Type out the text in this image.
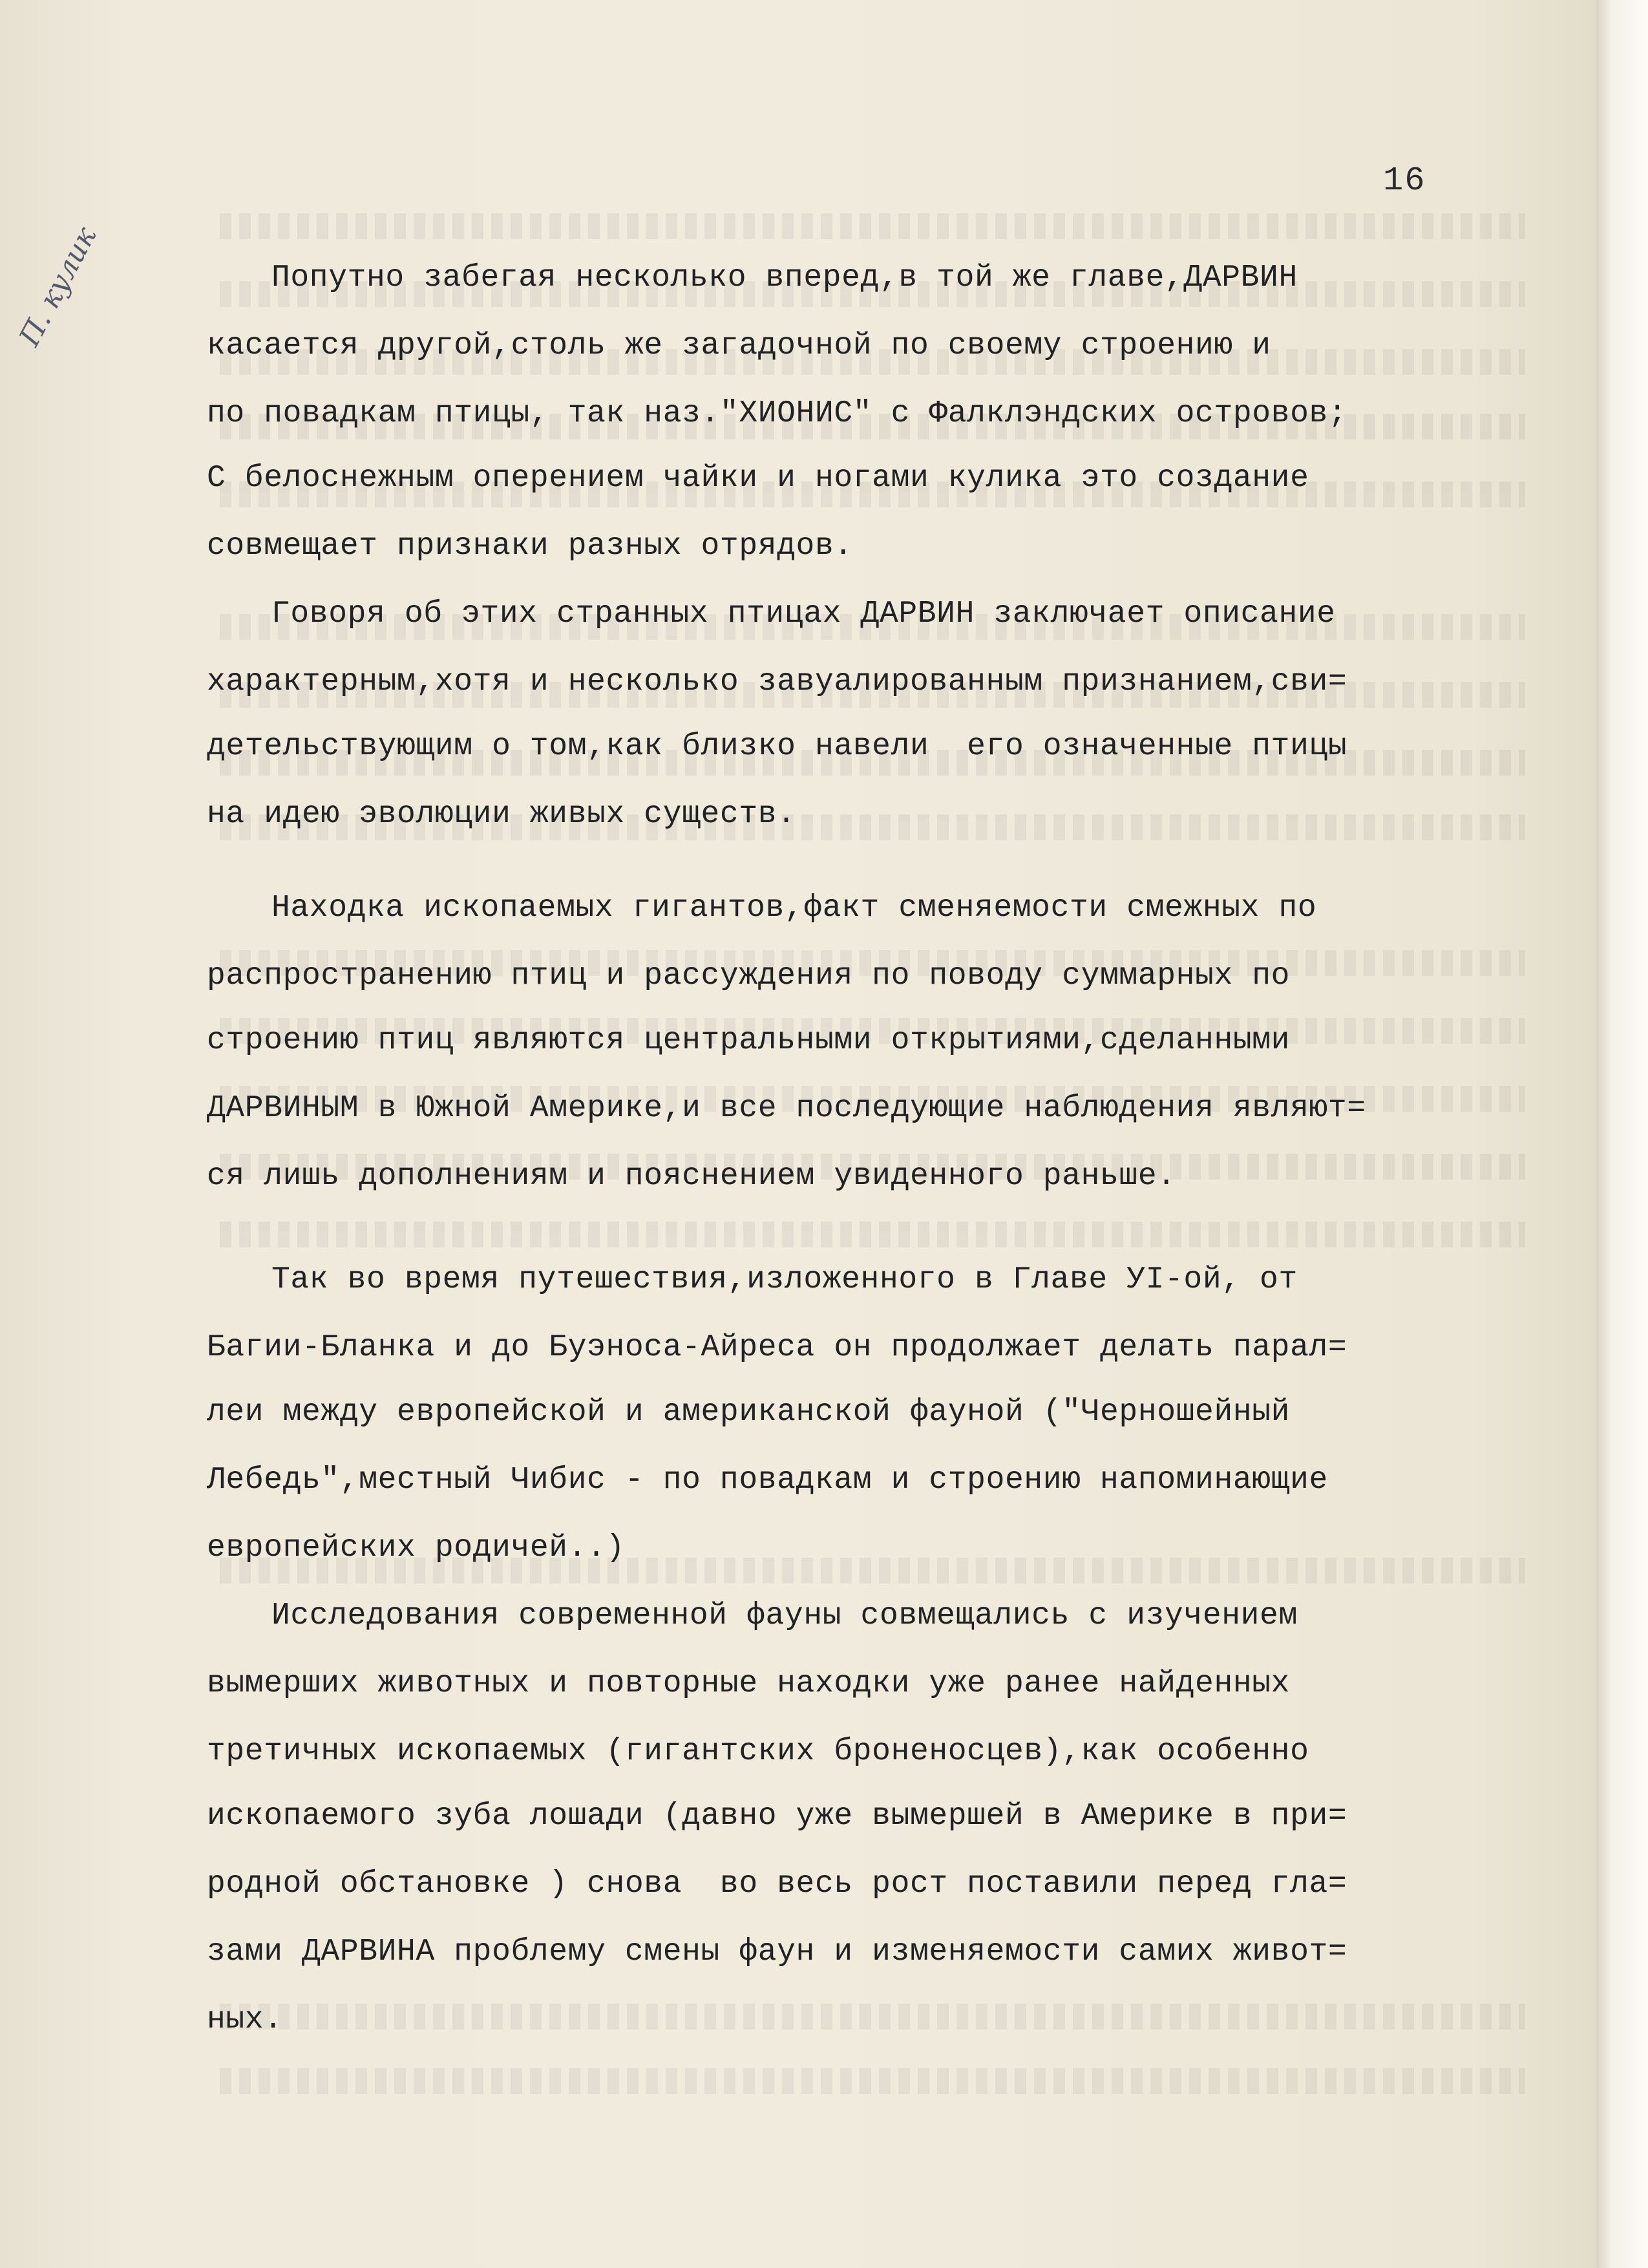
16
П. кулик	Попутно забегая несколько вперед,в той же главе,ДАРВИН
касается другой,столь же загадочной по своему строению и
по повадкам птицы, так наз."ХИОНИС" с Фалклэндских островов;
С белоснежным оперением чайки и ногами кулика это создание
совмещает признаки разных отрядов.
Говоря об этих странных птицах ДАРВИН заключает описание
характерным,хотя и несколько завуалированным признанием,сви=
детельствующим о том,как близко навели  его означенные птицы
на идею эволюции живых существ.
Находка ископаемых гигантов,факт сменяемости смежных по
распространению птиц и рассуждения по поводу суммарных по
строению птиц являются центральными открытиями,сделанными
ДАРВИНЫМ в Южной Америке,и все последующие наблюдения являют=
ся лишь дополнениям и пояснением увиденного раньше.
Так во время путешествия,изложенного в Главе УI-ой, от
Багии-Бланка и до Буэноса-Айреса он продолжает делать парал=
леи между европейской и американской фауной ("Черношейный
Лебедь",местный Чибис - по повадкам и строению напоминающие
европейских родичей..)
Исследования современной фауны совмещались с изучением
вымерших животных и повторные находки уже ранее найденных
третичных ископаемых (гигантских броненосцев),как особенно
ископаемого зуба лошади (давно уже вымершей в Америке в при=
родной обстановке ) снова  во весь рост поставили перед гла=
зами ДАРВИНА проблему смены фаун и изменяемости самих живот=
ных.
